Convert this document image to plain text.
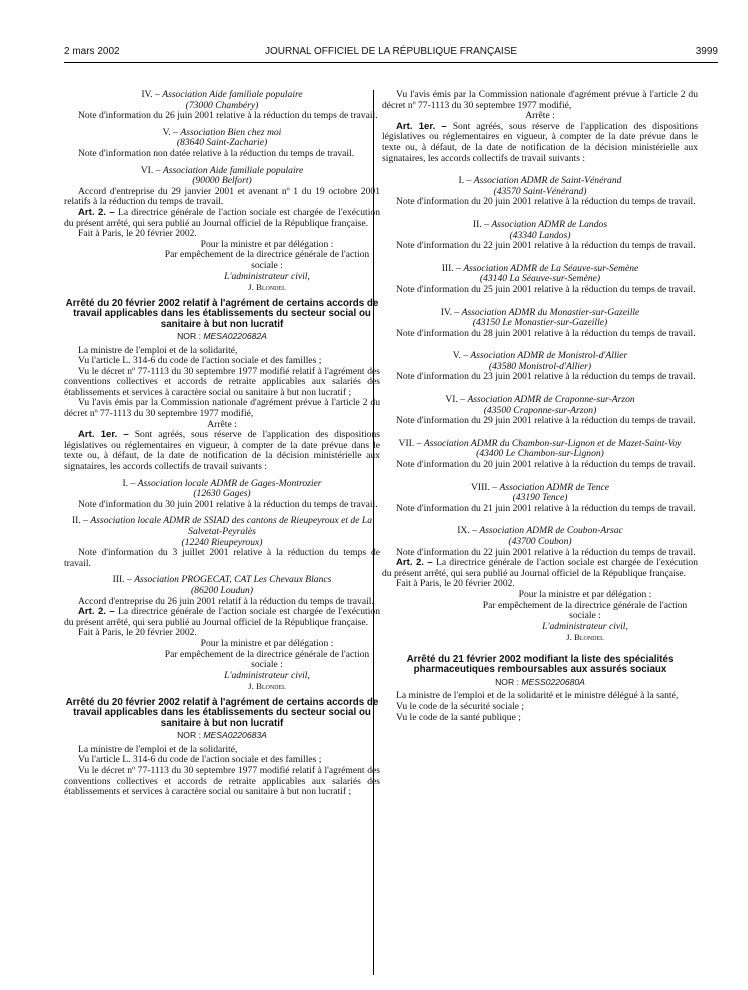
2 mars 2002	JOURNAL OFFICIEL DE LA RÉPUBLIQUE FRANÇAISE	3999

IV. – Association Aide familiale populaire

(73000 Chambéry)

Note d'information du 26 juin 2001 relative à la réduction du temps de travail.

V. – Association Bien chez moi

(83640 Saint-Zacharie)

Note d'information non datée relative à la réduction du temps de travail.

VI. – Association Aide familiale populaire

(90000 Belfort)

Accord d'entreprise du 29 janvier 2001 et avenant nº 1 du 19 octobre 2001 relatifs à la réduction du temps de travail.

Art. 2. – La directrice générale de l'action sociale est chargée de l'exécution du présent arrêté, qui sera publié au Journal officiel de la République française.

Fait à Paris, le 20 février 2002.

Pour la ministre et par délégation :

Par empêchement de la directrice générale de l'action sociale :

L'administrateur civil,

J. Blondel

Arrêté du 20 février 2002 relatif à l'agrément de certains accords de travail applicables dans les établissements du secteur social ou sanitaire à but non lucratif
NOR : MESA0220682A

La ministre de l'emploi et de la solidarité,

Vu l'article L. 314-6 du code de l'action sociale et des familles ;

Vu le décret nº 77-1113 du 30 septembre 1977 modifié relatif à l'agrément des conventions collectives et accords de retraite applicables aux salariés des établissements et services à caractère social ou sanitaire à but non lucratif ;

Vu l'avis émis par la Commission nationale d'agrément prévue à l'article 2 du décret nº 77-1113 du 30 septembre 1977 modifié,

Arrête :

Art. 1er. – Sont agréés, sous réserve de l'application des dispositions législatives ou réglementaires en vigueur, à compter de la date prévue dans le texte ou, à défaut, de la date de notification de la décision ministérielle aux signataires, les accords collectifs de travail suivants :

I. – Association locale ADMR de Gages-Montrozier

(12630 Gages)

Note d'information du 30 juin 2001 relative à la réduction du temps de travail.

II. – Association locale ADMR de SSIAD des cantons de Rieupeyroux et de La Salvetat-Peyralès

(12240 Rieupeyroux)

Note d'information du 3 juillet 2001 relative à la réduction du temps de travail.

III. – Association PROGECAT, CAT Les Chevaux Blancs

(86200 Loudun)

Accord d'entreprise du 26 juin 2001 relatif à la réduction du temps de travail.

Art. 2. – La directrice générale de l'action sociale est chargée de l'exécution du présent arrêté, qui sera publié au Journal officiel de la République française.

Fait à Paris, le 20 février 2002.

Pour la ministre et par délégation :

Par empêchement de la directrice générale de l'action sociale :

L'administrateur civil,

J. Blondel

Arrêté du 20 février 2002 relatif à l'agrément de certains accords de travail applicables dans les établissements du secteur social ou sanitaire à but non lucratif
NOR : MESA0220683A

La ministre de l'emploi et de la solidarité,

Vu l'article L. 314-6 du code de l'action sociale et des familles ;

Vu le décret nº 77-1113 du 30 septembre 1977 modifié relatif à l'agrément des conventions collectives et accords de retraite applicables aux salariés des établissements et services à caractère social ou sanitaire à but non lucratif ;

Vu l'avis émis par la Commission nationale d'agrément prévue à l'article 2 du décret nº 77-1113 du 30 septembre 1977 modifié,

Arrête :

Art. 1er. – Sont agréés, sous réserve de l'application des dispositions législatives ou réglementaires en vigueur, à compter de la date prévue dans le texte ou, à défaut, de la date de notification de la décision ministérielle aux signataires, les accords collectifs de travail suivants :

I. – Association ADMR de Saint-Vénérand

(43570 Saint-Vénérand)

Note d'information du 20 juin 2001 relative à la réduction du temps de travail.

II. – Association ADMR de Landos

(43340 Landos)

Note d'information du 22 juin 2001 relative à la réduction du temps de travail.

III. – Association ADMR de La Séauve-sur-Semène

(43140 La Séauve-sur-Semène)

Note d'information du 25 juin 2001 relative à la réduction du temps de travail.

IV. – Association ADMR du Monastier-sur-Gazeille

(43150 Le Monastier-sur-Gazeille)

Note d'information du 28 juin 2001 relative à la réduction du temps de travail.

V. – Association ADMR de Monistrol-d'Allier

(43580 Monistrol-d'Allier)

Note d'information du 23 juin 2001 relative à la réduction du temps de travail.

VI. – Association ADMR de Craponne-sur-Arzon

(43500 Craponne-sur-Arzon)

Note d'information du 29 juin 2001 relative à la réduction du temps de travail.

VII. – Association ADMR du Chambon-sur-Lignon et de Mazet-Saint-Voy

(43400 Le Chambon-sur-Lignon)

Note d'information du 20 juin 2001 relative à la réduction du temps de travail.

VIII. – Association ADMR de Tence

(43190 Tence)

Note d'information du 21 juin 2001 relative à la réduction du temps de travail.

IX. – Association ADMR de Coubon-Arsac

(43700 Coubon)

Note d'information du 22 juin 2001 relative à la réduction du temps de travail.

Art. 2. – La directrice générale de l'action sociale est chargée de l'exécution du présent arrêté, qui sera publié au Journal officiel de la République française.

Fait à Paris, le 20 février 2002.

Pour la ministre et par délégation :

Par empêchement de la directrice générale de l'action sociale :

L'administrateur civil,

J. Blondel

Arrêté du 21 février 2002 modifiant la liste des spécialités pharmaceutiques remboursables aux assurés sociaux
NOR : MESS0220680A

La ministre de l'emploi et de la solidarité et le ministre délégué à la santé,

Vu le code de la sécurité sociale ;

Vu le code de la santé publique ;
